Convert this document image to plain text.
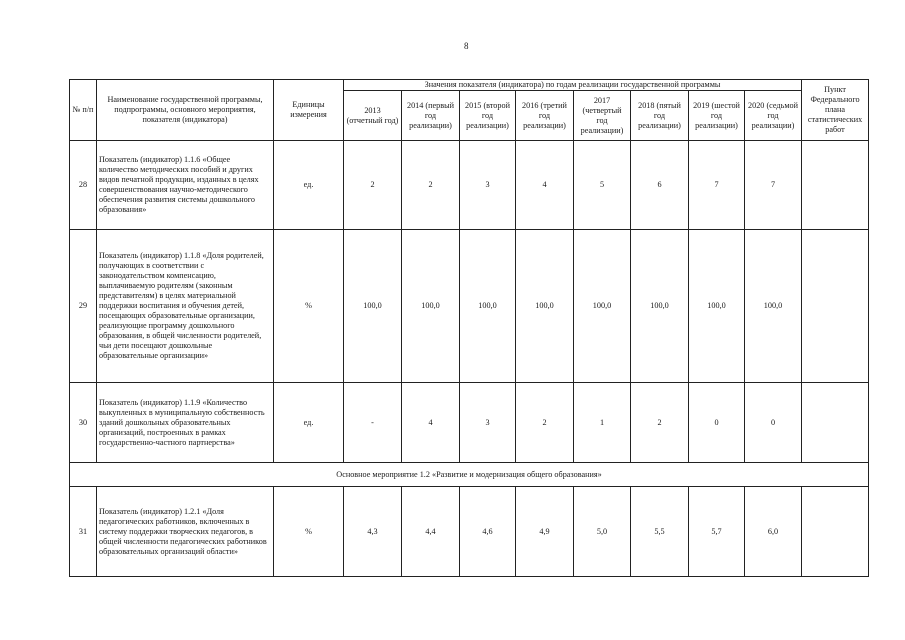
8
№ п/п	Наименование государственной программы, подпрограммы, основного мероприятия, показателя (индикатора)	Единицы измерения	Значения показателя (индикатора) по годам реализации государственной программы								Пункт Федерального плана статистических работ
			2013 (отчетный год)	2014 (первый год реализации)	2015 (второй год реализации)	2016 (третий год реализации)	2017 (четвертый год реализации)	2018 (пятый год реализации)	2019 (шестой год реализации)	2020 (седьмой год реализации)	
28	Показатель (индикатор) 1.1.6 «Общее количество методических пособий и других видов печатной продукции, изданных в целях совершенствования научно-методического обеспечения развития системы дошкольного образования»	ед.	2	2	3	4	5	6	7	7	
29	Показатель (индикатор) 1.1.8 «Доля родителей, получающих в соответствии с законодательством компенсацию, выплачиваемую родителям (законным представителям) в целях материальной поддержки воспитания и обучения детей, посещающих образовательные организации, реализующие программу дошкольного образования, в общей численности родителей, чьи дети посещают дошкольные образовательные организации»	%	100,0	100,0	100,0	100,0	100,0	100,0	100,0	100,0	
30	Показатель (индикатор) 1.1.9 «Количество выкупленных в муниципальную собственность зданий дошкольных образовательных организаций, построенных в рамках государственно-частного партнерства»	ед.	-	4	3	2	1	2	0	0	
Основное мероприятие 1.2 «Развитие и модернизация общего образования»											
31	Показатель (индикатор) 1.2.1 «Доля педагогических работников, включенных в систему поддержки творческих педагогов, в общей численности педагогических работников образовательных организаций области»	%	4,3	4,4	4,6	4,9	5,0	5,5	5,7	6,0	
